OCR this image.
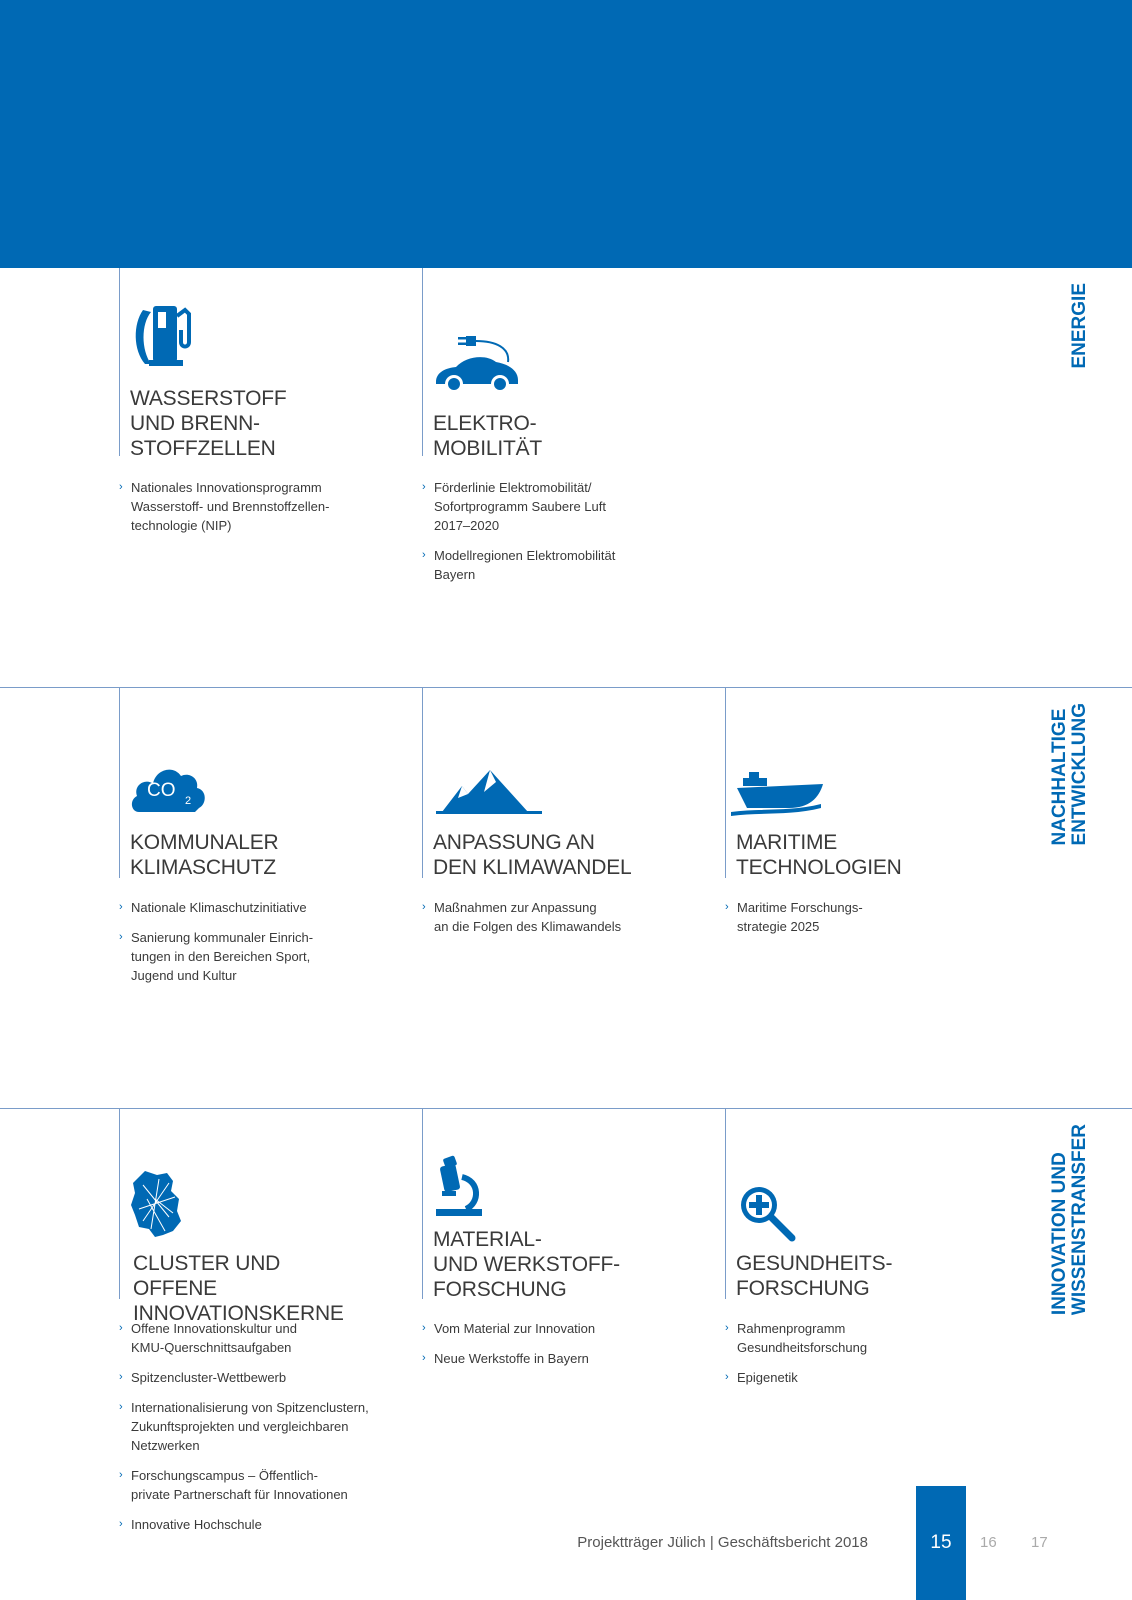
WASSERSTOFF
UND BRENN-
STOFFZELLEN
› Nationales Innovationsprogramm
Wasserstoff- und Brennstoffzellen-
technologie (NIP)
ELEKTRO-
MOBILITÄT
› Förderlinie Elektromobilität/
Sofortprogramm Saubere Luft
2017–2020
› Modellregionen Elektromobilität
Bayern
ENERGIE
CO 2
KOMMUNALER
KLIMASCHUTZ
› Nationale Klimaschutzinitiative
› Sanierung kommunaler Einrich-
tungen in den Bereichen Sport,
Jugend und Kultur
ANPASSUNG AN
DEN KLIMAWANDEL
› Maßnahmen zur Anpassung
an die Folgen des Klimawandels
MARITIME
TECHNOLOGIEN
› Maritime Forschungs-
strategie 2025
NACHHALTIGE
ENTWICKLUNG
CLUSTER UND OFFENE
INNOVATIONSKERNE
› Offene Innovationskultur und
KMU-Querschnittsaufgaben
› Spitzencluster-Wettbewerb
› Internationalisierung von Spitzenclustern,
Zukunftsprojekten und vergleichbaren
Netzwerken
› Forschungscampus – Öffentlich-
private Partnerschaft für Innovationen
› Innovative Hochschule
MATERIAL-
UND WERKSTOFF-
FORSCHUNG
› Vom Material zur Innovation
› Neue Werkstoffe in Bayern
GESUNDHEITS-
FORSCHUNG
› Rahmenprogramm
Gesundheitsforschung
› Epigenetik
INNOVATION UND
WISSENSTRANSFER
Projektträger Jülich | Geschäftsbericht 2018	15	16 17
